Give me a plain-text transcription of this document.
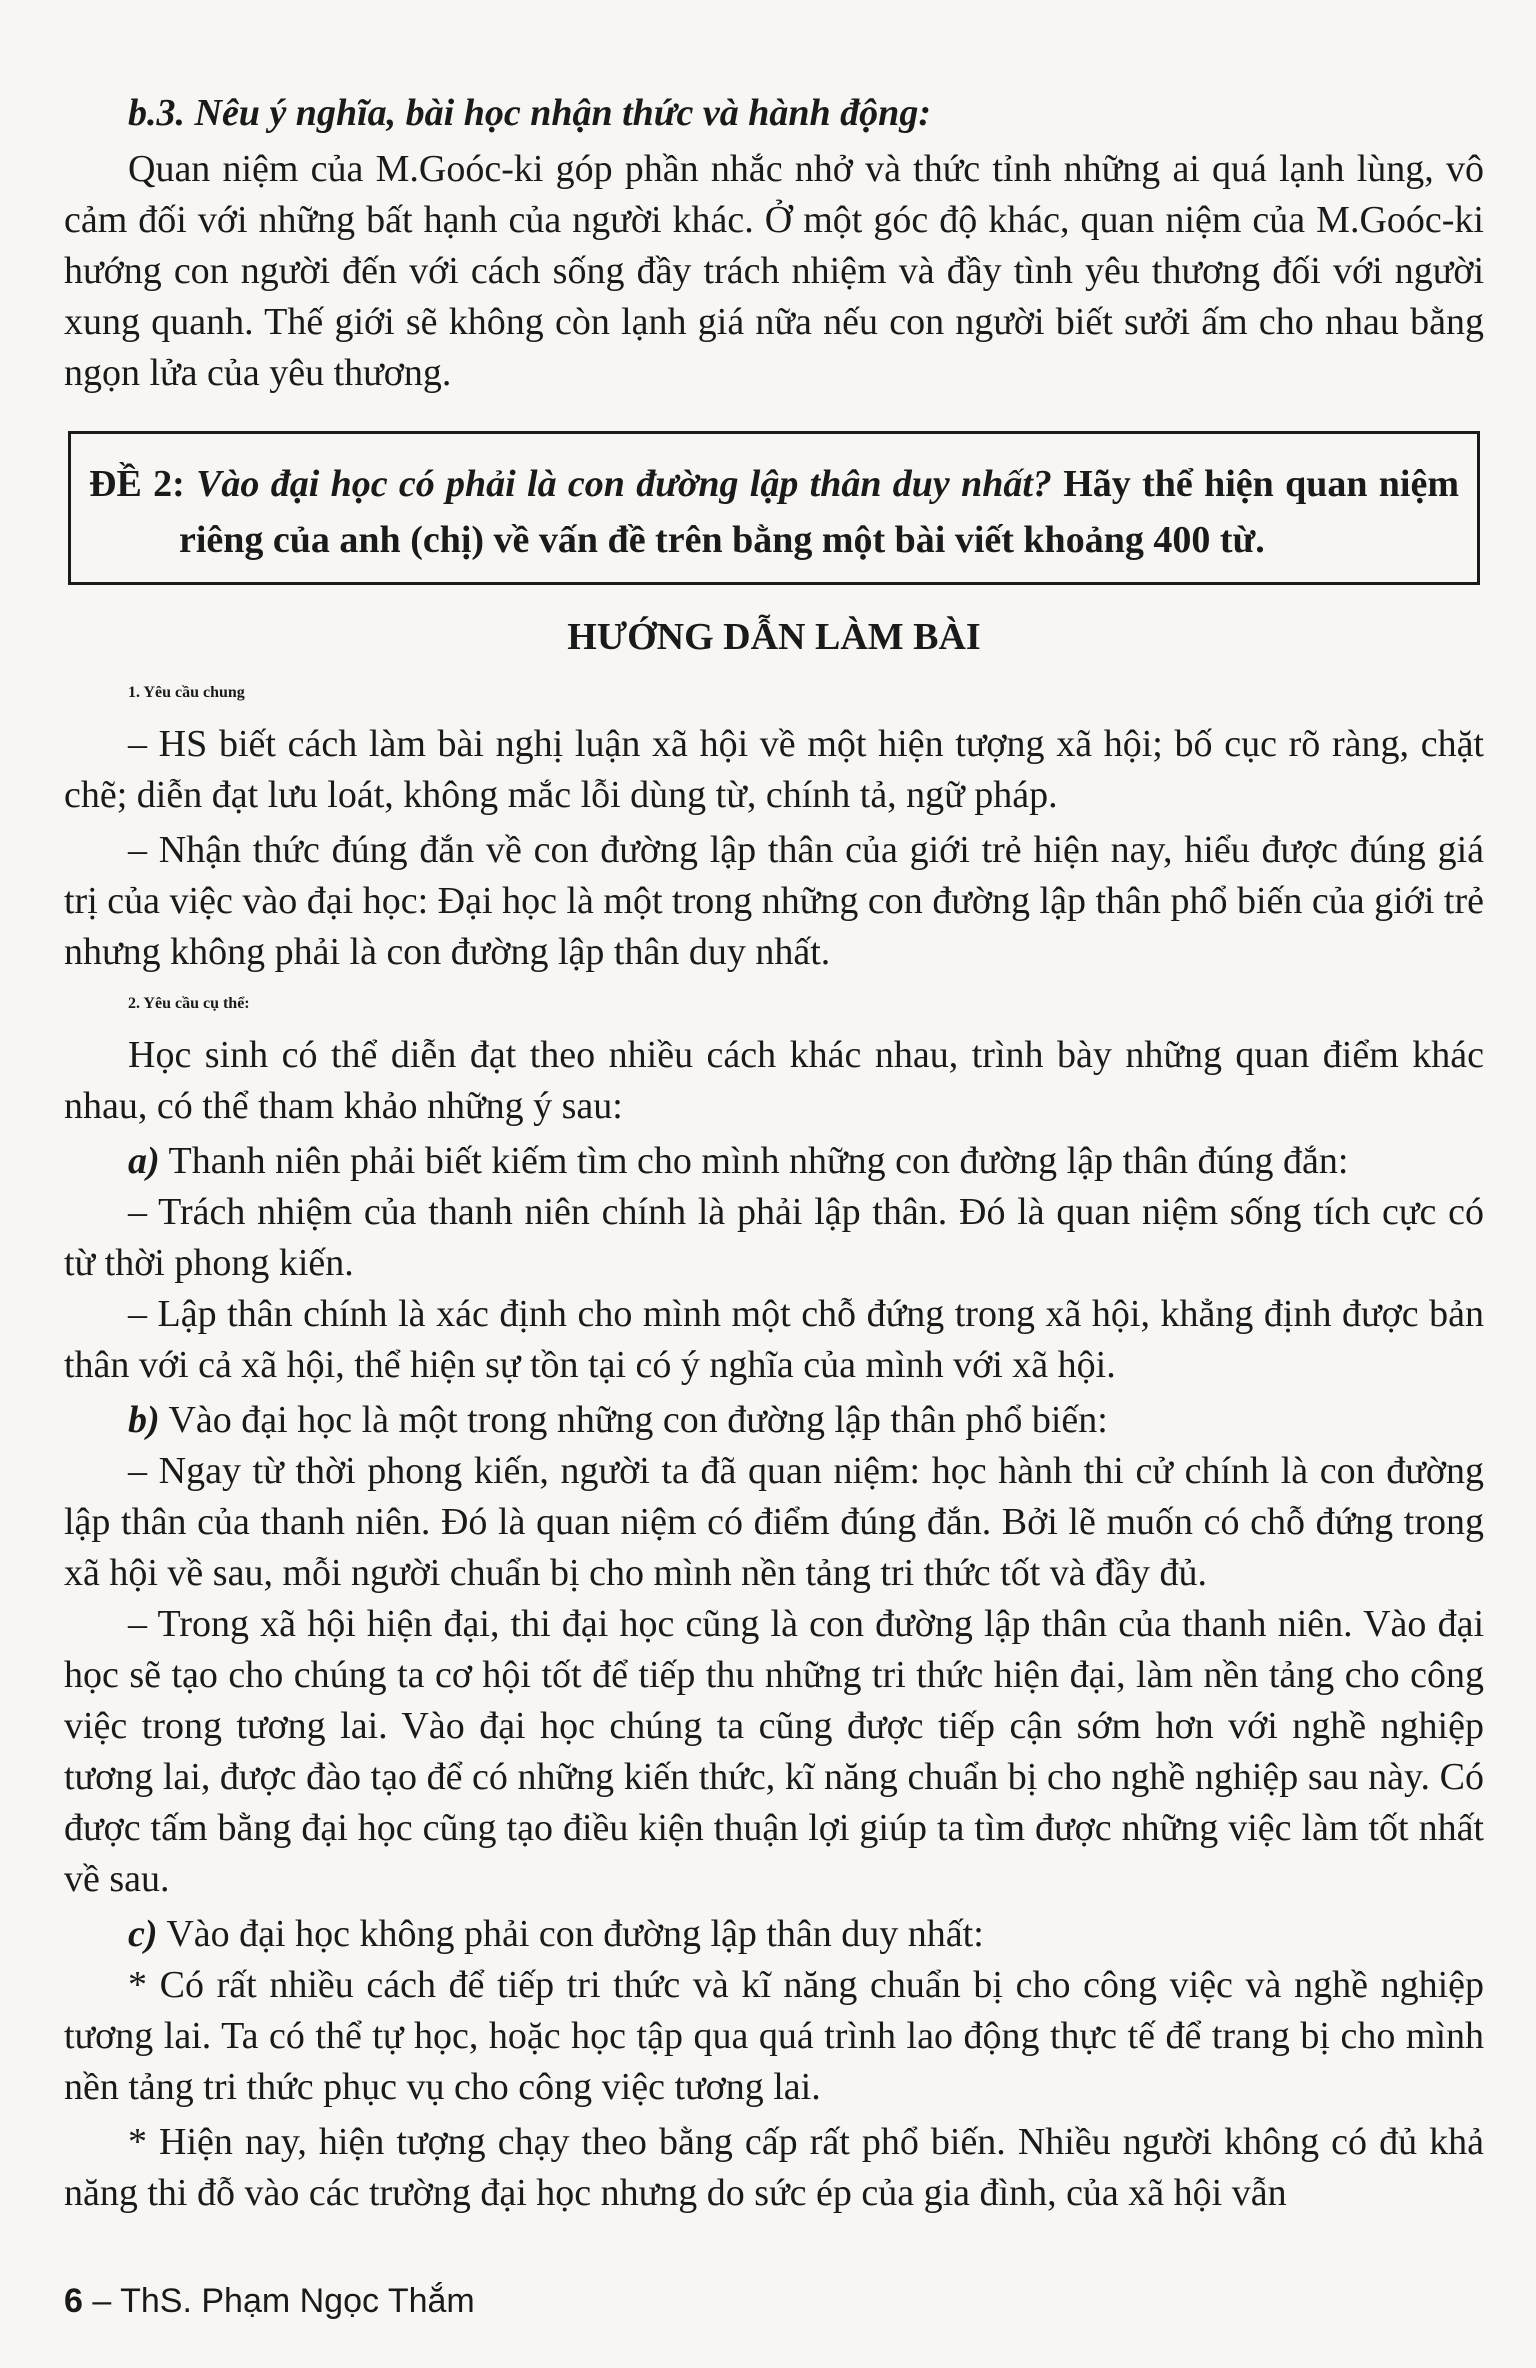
b.3. Nêu ý nghĩa, bài học nhận thức và hành động:

Quan niệm của M.Goóc-ki góp phần nhắc nhở và thức tỉnh những ai quá lạnh lùng, vô cảm đối với những bất hạnh của người khác. Ở một góc độ khác, quan niệm của M.Goóc-ki hướng con người đến với cách sống đầy trách nhiệm và đầy tình yêu thương đối với người xung quanh. Thế giới sẽ không còn lạnh giá nữa nếu con người biết sưởi ấm cho nhau bằng ngọn lửa của yêu thương.

ĐỀ 2: Vào đại học có phải là con đường lập thân duy nhất? Hãy thể hiện quan niệm riêng của anh (chị) về vấn đề trên bằng một bài viết khoảng 400 từ.

HƯỚNG DẪN LÀM BÀI
1. Yêu cầu chung

– HS biết cách làm bài nghị luận xã hội về một hiện tượng xã hội; bố cục rõ ràng, chặt chẽ; diễn đạt lưu loát, không mắc lỗi dùng từ, chính tả, ngữ pháp.

– Nhận thức đúng đắn về con đường lập thân của giới trẻ hiện nay, hiểu được đúng giá trị của việc vào đại học: Đại học là một trong những con đường lập thân phổ biến của giới trẻ nhưng không phải là con đường lập thân duy nhất.

2. Yêu cầu cụ thể:

Học sinh có thể diễn đạt theo nhiều cách khác nhau, trình bày những quan điểm khác nhau, có thể tham khảo những ý sau:

a) Thanh niên phải biết kiếm tìm cho mình những con đường lập thân đúng đắn:

– Trách nhiệm của thanh niên chính là phải lập thân. Đó là quan niệm sống tích cực có từ thời phong kiến.

– Lập thân chính là xác định cho mình một chỗ đứng trong xã hội, khẳng định được bản thân với cả xã hội, thể hiện sự tồn tại có ý nghĩa của mình với xã hội.

b) Vào đại học là một trong những con đường lập thân phổ biến:

– Ngay từ thời phong kiến, người ta đã quan niệm: học hành thi cử chính là con đường lập thân của thanh niên. Đó là quan niệm có điểm đúng đắn. Bởi lẽ muốn có chỗ đứng trong xã hội về sau, mỗi người chuẩn bị cho mình nền tảng tri thức tốt và đầy đủ.

– Trong xã hội hiện đại, thi đại học cũng là con đường lập thân của thanh niên. Vào đại học sẽ tạo cho chúng ta cơ hội tốt để tiếp thu những tri thức hiện đại, làm nền tảng cho công việc trong tương lai. Vào đại học chúng ta cũng được tiếp cận sớm hơn với nghề nghiệp tương lai, được đào tạo để có những kiến thức, kĩ năng chuẩn bị cho nghề nghiệp sau này. Có được tấm bằng đại học cũng tạo điều kiện thuận lợi giúp ta tìm được những việc làm tốt nhất về sau.

c) Vào đại học không phải con đường lập thân duy nhất:

* Có rất nhiều cách để tiếp tri thức và kĩ năng chuẩn bị cho công việc và nghề nghiệp tương lai. Ta có thể tự học, hoặc học tập qua quá trình lao động thực tế để trang bị cho mình nền tảng tri thức phục vụ cho công việc tương lai.

* Hiện nay, hiện tượng chạy theo bằng cấp rất phổ biến. Nhiều người không có đủ khả năng thi đỗ vào các trường đại học nhưng do sức ép của gia đình, của xã hội vẫn

6 – ThS. Phạm Ngọc Thắm
